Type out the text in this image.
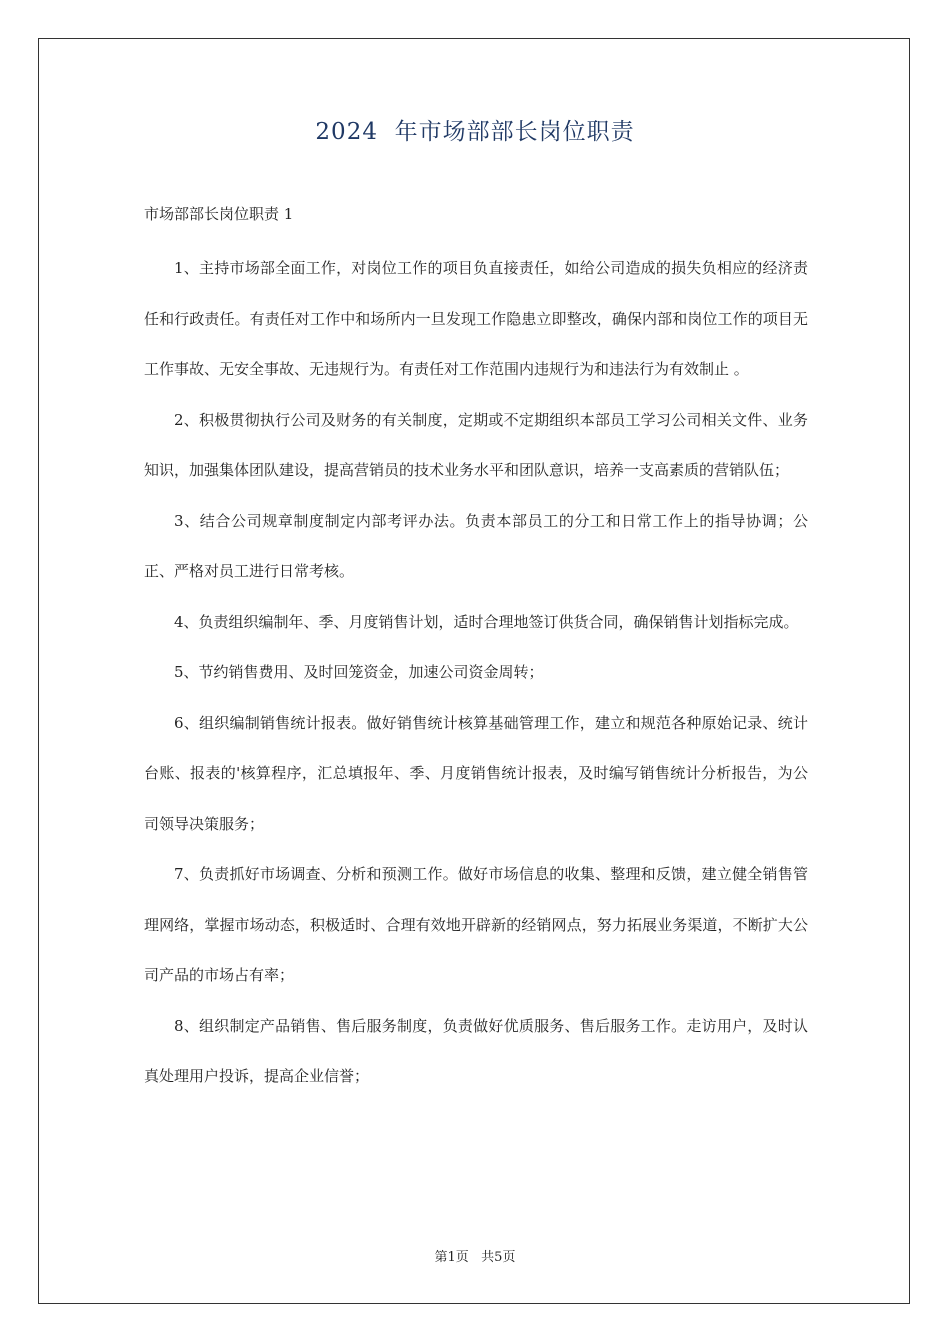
2024  年市场部部长岗位职责
市场部部长岗位职责 1

1、主持市场部全面工作，对岗位工作的项目负直接责任，如给公司造成的损失负相应的经济责任和行政责任。有责任对工作中和场所内一旦发现工作隐患立即整改，确保内部和岗位工作的项目无工作事故、无安全事故、无违规行为。有责任对工作范围内违规行为和违法行为有效制止 。

2、积极贯彻执行公司及财务的有关制度，定期或不定期组织本部员工学习公司相关文件、业务知识，加强集体团队建设，提高营销员的技术业务水平和团队意识，培养一支高素质的营销队伍；

3、结合公司规章制度制定内部考评办法。负责本部员工的分工和日常工作上的指导协调；公正、严格对员工进行日常考核。

4、负责组织编制年、季、月度销售计划，适时合理地签订供货合同，确保销售计划指标完成。

5、节约销售费用、及时回笼资金，加速公司资金周转；

6、组织编制销售统计报表。做好销售统计核算基础管理工作，建立和规范各种原始记录、统计台账、报表的'核算程序，汇总填报年、季、月度销售统计报表，及时编写销售统计分析报告，为公司领导决策服务；

7、负责抓好市场调查、分析和预测工作。做好市场信息的收集、整理和反馈，建立健全销售管理网络，掌握市场动态，积极适时、合理有效地开辟新的经销网点，努力拓展业务渠道，不断扩大公司产品的市场占有率；

8、组织制定产品销售、售后服务制度，负责做好优质服务、售后服务工作。走访用户，及时认真处理用户投诉，提高企业信誉；

第1页   共5页
